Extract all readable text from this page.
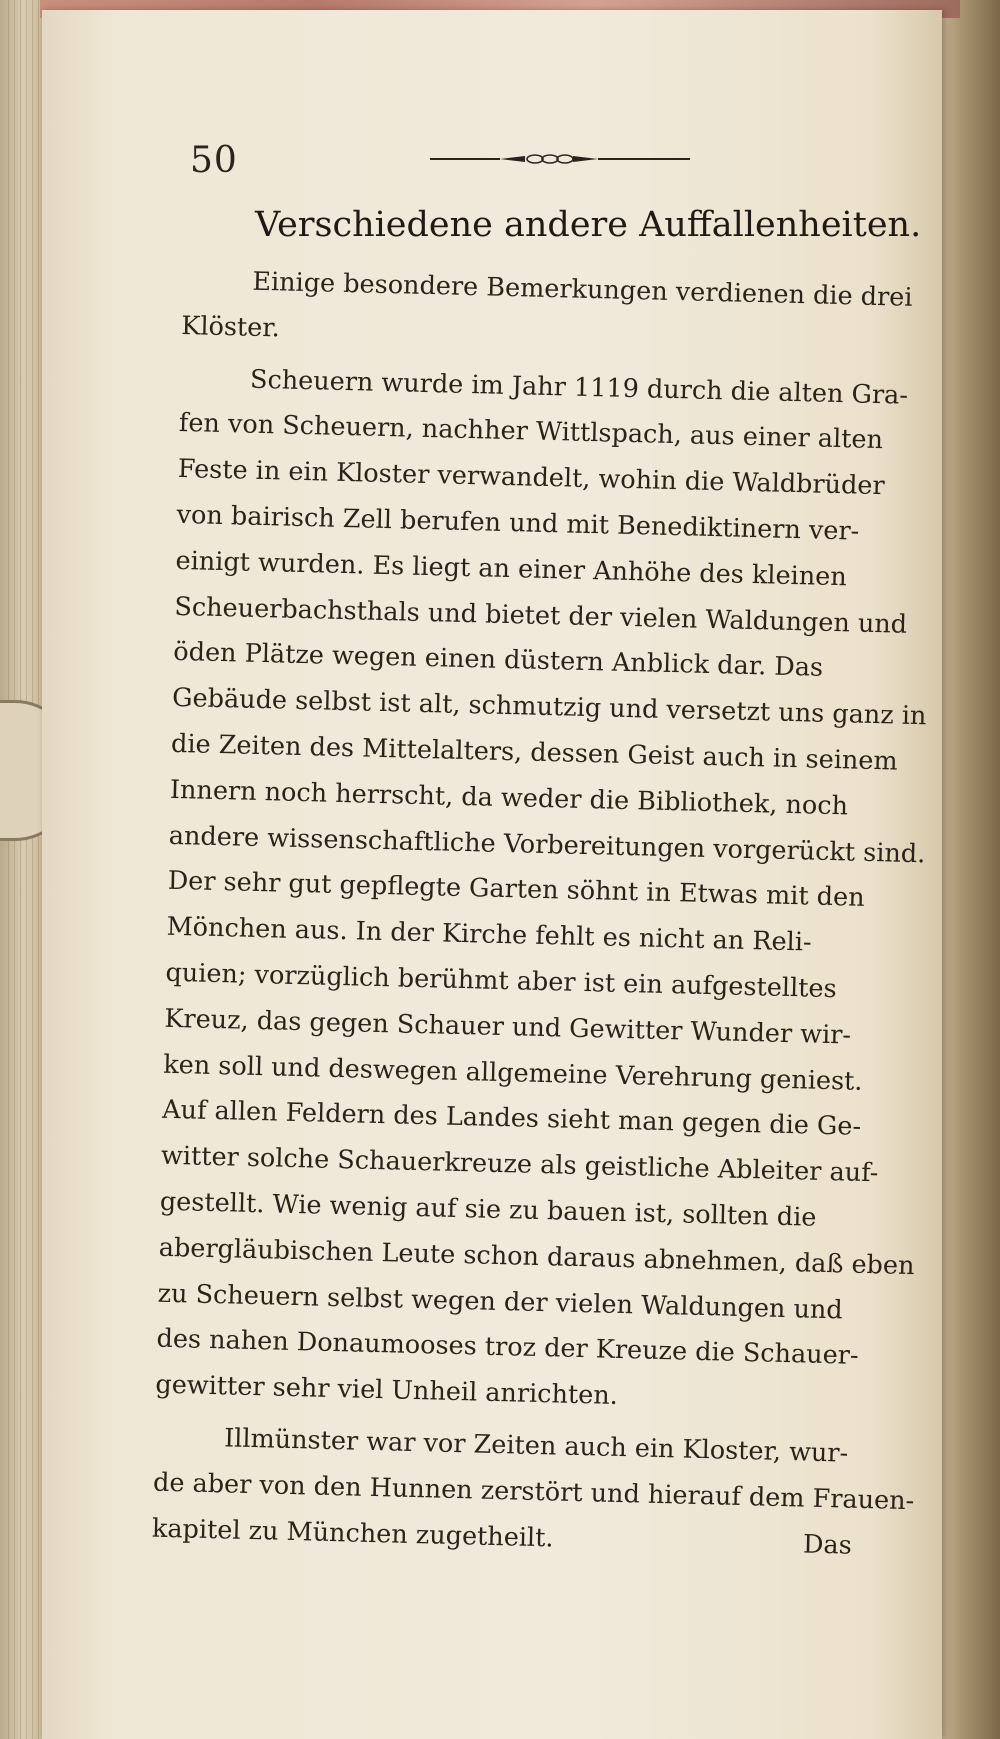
50
Verschiedene andere Auffallenheiten.
Einige besondere Bemerkungen verdienen die drei
Klöster.
Scheuern wurde im Jahr 1119 durch die alten Gra-
fen von Scheuern, nachher Wittlspach, aus einer alten
Feste in ein Kloster verwandelt, wohin die Waldbrüder
von bairisch Zell berufen und mit Benediktinern ver-
einigt wurden. Es liegt an einer Anhöhe des kleinen
Scheuerbachsthals und bietet der vielen Waldungen und
öden Plätze wegen einen düstern Anblick dar. Das
Gebäude selbst ist alt, schmutzig und versetzt uns ganz in
die Zeiten des Mittelalters, dessen Geist auch in seinem
Innern noch herrscht, da weder die Bibliothek, noch
andere wissenschaftliche Vorbereitungen vorgerückt sind.
Der sehr gut gepflegte Garten söhnt in Etwas mit den
Mönchen aus. In der Kirche fehlt es nicht an Reli-
quien; vorzüglich berühmt aber ist ein aufgestelltes
Kreuz, das gegen Schauer und Gewitter Wunder wir-
ken soll und deswegen allgemeine Verehrung geniest.
Auf allen Feldern des Landes sieht man gegen die Ge-
witter solche Schauerkreuze als geistliche Ableiter auf-
gestellt. Wie wenig auf sie zu bauen ist, sollten die
abergläubischen Leute schon daraus abnehmen, daß eben
zu Scheuern selbst wegen der vielen Waldungen und
des nahen Donaumooses troz der Kreuze die Schauer-
gewitter sehr viel Unheil anrichten.
Illmünster war vor Zeiten auch ein Kloster, wur-
de aber von den Hunnen zerstört und hierauf dem Frauen-
kapitel zu München zugetheilt.	Das
